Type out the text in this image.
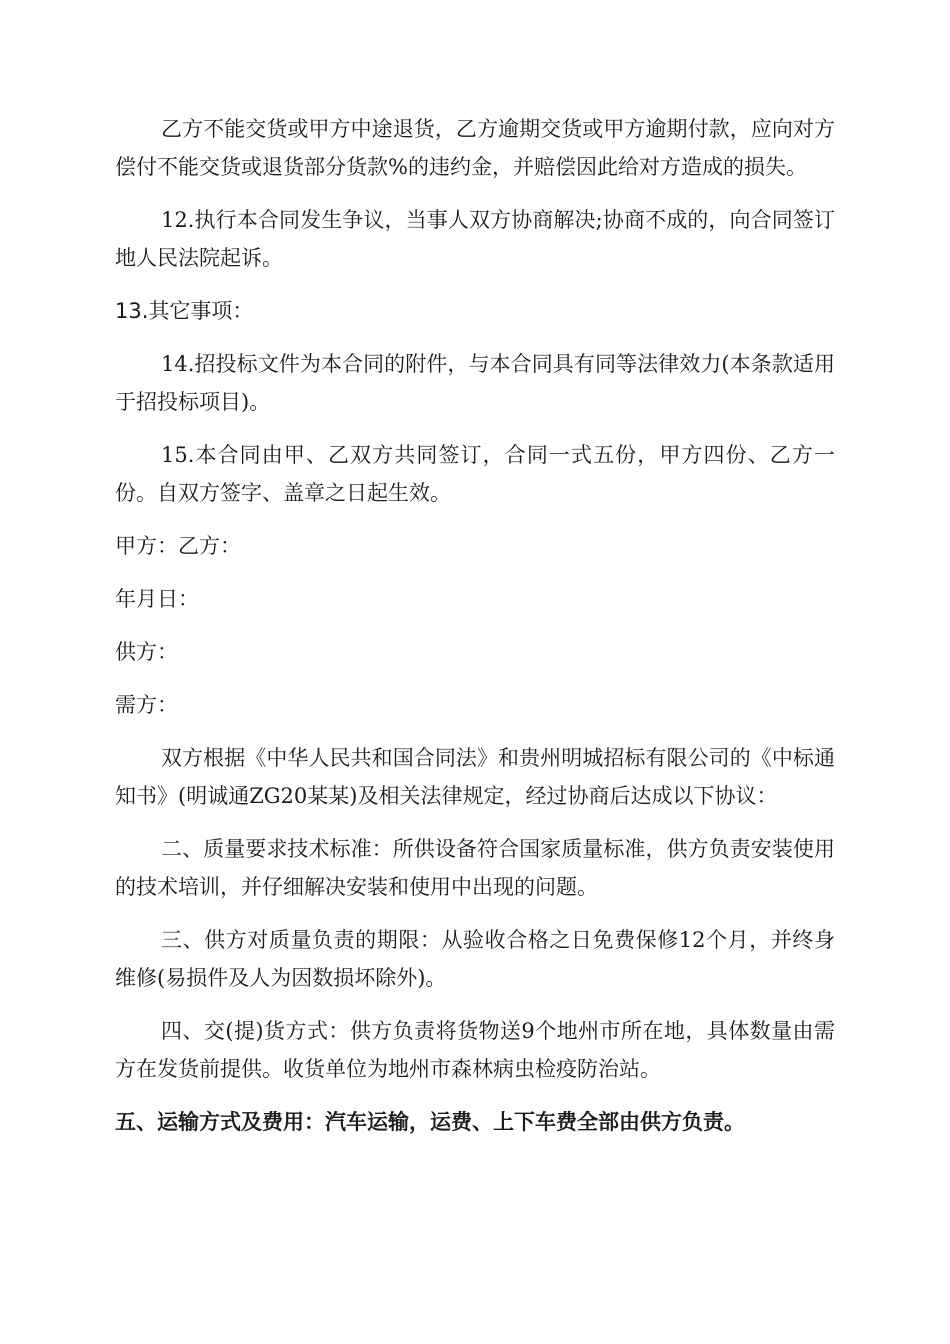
乙方不能交货或甲方中途退货，乙方逾期交货或甲方逾期付款，应向对方偿付不能交货或退货部分货款%的违约金，并赔偿因此给对方造成的损失。

12.执行本合同发生争议，当事人双方协商解决;协商不成的，向合同签订地人民法院起诉。

13.其它事项：

14.招投标文件为本合同的附件，与本合同具有同等法律效力(本条款适用于招投标项目)。

15.本合同由甲、乙双方共同签订，合同一式五份，甲方四份、乙方一份。自双方签字、盖章之日起生效。

甲方：乙方：

年月日：

供方：

需方：

双方根据《中华人民共和国合同法》和贵州明城招标有限公司的《中标通知书》(明诚通ZG20某某)及相关法律规定，经过协商后达成以下协议：

二、质量要求技术标准：所供设备符合国家质量标准，供方负责安装使用的技术培训，并仔细解决安装和使用中出现的问题。

三、供方对质量负责的期限：从验收合格之日免费保修12个月，并终身维修(易损件及人为因数损坏除外)。

四、交(提)货方式：供方负责将货物送9个地州市所在地，具体数量由需方在发货前提供。收货单位为地州市森林病虫检疫防治站。

五、运输方式及费用：汽车运输，运费、上下车费全部由供方负责。
